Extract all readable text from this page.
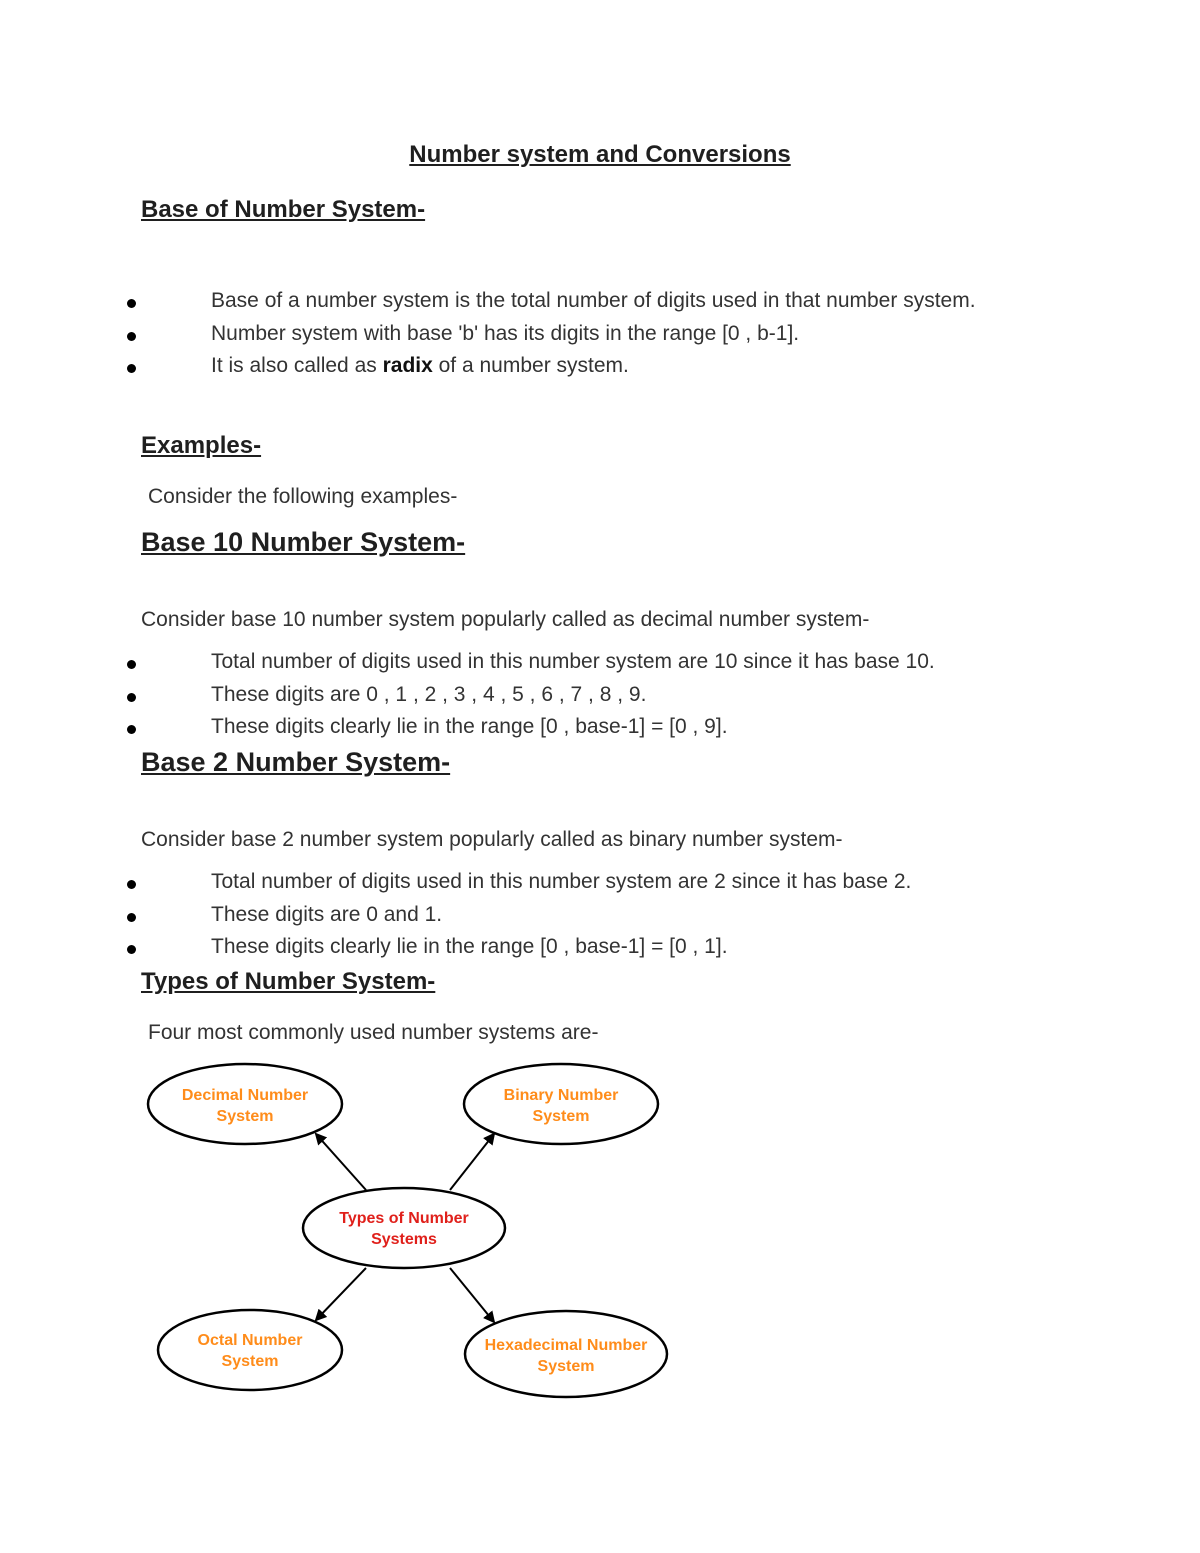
Number system and Conversions
Base of Number System-
Base of a number system is the total number of digits used in that number system.
Number system with base 'b' has its digits in the range [0 , b-1].
It is also called as radix of a number system.
Examples-
Consider the following examples-
Base 10 Number System-
Consider base 10 number system popularly called as decimal number system-
Total number of digits used in this number system are 10 since it has base 10.
These digits are 0 , 1 , 2 , 3 , 4 , 5 , 6 , 7 , 8 , 9.
These digits clearly lie in the range [0 , base-1] = [0 , 9].
Base 2 Number System-
Consider base 2 number system popularly called as binary number system-
Total number of digits used in this number system are 2 since it has base 2.
These digits are 0 and 1.
These digits clearly lie in the range [0 , base-1] = [0 , 1].
Types of Number System-
Four most commonly used number systems are-
Decimal Number
System
Binary Number
System
Types of Number
Systems
Octal Number
System
Hexadecimal Number
System
